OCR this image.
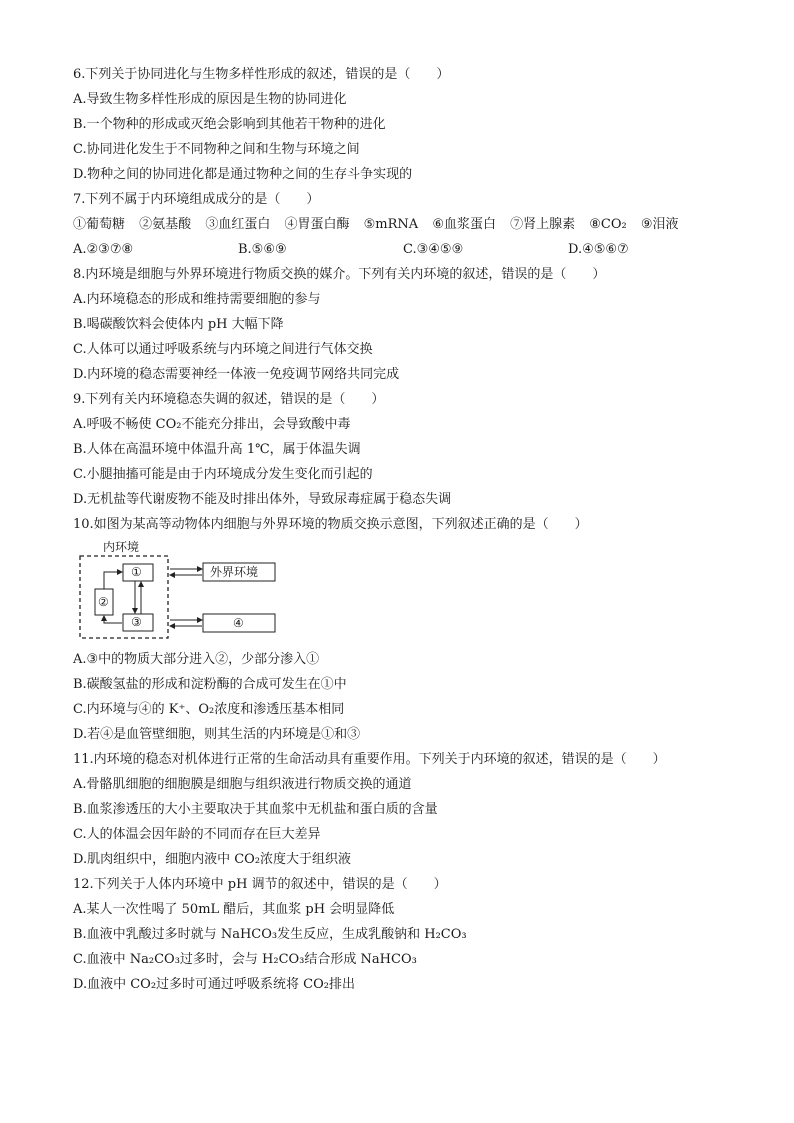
6.下列关于协同进化与生物多样性形成的叙述，错误的是（　　）
A.导致生物多样性形成的原因是生物的协同进化
B.一个物种的形成或灭绝会影响到其他若干物种的进化
C.协同进化发生于不同物种之间和生物与环境之间
D.物种之间的协同进化都是通过物种之间的生存斗争实现的
7.下列不属于内环境组成成分的是（　　）
①葡萄糖 ②氨基酸 ③血红蛋白 ④胃蛋白酶 ⑤mRNA ⑥血浆蛋白 ⑦肾上腺素 ⑧CO₂ ⑨泪液
A.②③⑦⑧	B.⑤⑥⑨	C.③④⑤⑨	D.④⑤⑥⑦
8.内环境是细胞与外界环境进行物质交换的媒介。下列有关内环境的叙述，错误的是（　　）
A.内环境稳态的形成和维持需要细胞的参与
B.喝碳酸饮料会使体内 pH 大幅下降
C.人体可以通过呼吸系统与内环境之间进行气体交换
D.内环境的稳态需要神经一体液一免疫调节网络共同完成
9.下列有关内环境稳态失调的叙述，错误的是（　　）
A.呼吸不畅使 CO₂不能充分排出，会导致酸中毒
B.人体在高温环境中体温升高 1℃，属于体温失调
C.小腿抽搐可能是由于内环境成分发生变化而引起的
D.无机盐等代谢废物不能及时排出体外，导致尿毒症属于稳态失调
10.如图为某高等动物体内细胞与外界环境的物质交换示意图，下列叙述正确的是（　　）
内环境
①
②
③
外界环境
④
A.③中的物质大部分进入②，少部分渗入①
B.碳酸氢盐的形成和淀粉酶的合成可发生在①中
C.内环境与④的 K⁺、O₂浓度和渗透压基本相同
D.若④是血管壁细胞，则其生活的内环境是①和③
11.内环境的稳态对机体进行正常的生命活动具有重要作用。下列关于内环境的叙述，错误的是（　　）
A.骨骼肌细胞的细胞膜是细胞与组织液进行物质交换的通道
B.血浆渗透压的大小主要取决于其血浆中无机盐和蛋白质的含量
C.人的体温会因年龄的不同而存在巨大差异
D.肌肉组织中，细胞内液中 CO₂浓度大于组织液
12.下列关于人体内环境中 pH 调节的叙述中，错误的是（　　）
A.某人一次性喝了 50mL 醋后，其血浆 pH 会明显降低
B.血液中乳酸过多时就与 NaHCO₃发生反应，生成乳酸钠和 H₂CO₃
C.血液中 Na₂CO₃过多时，会与 H₂CO₃结合形成 NaHCO₃
D.血液中 CO₂过多时可通过呼吸系统将 CO₂排出
